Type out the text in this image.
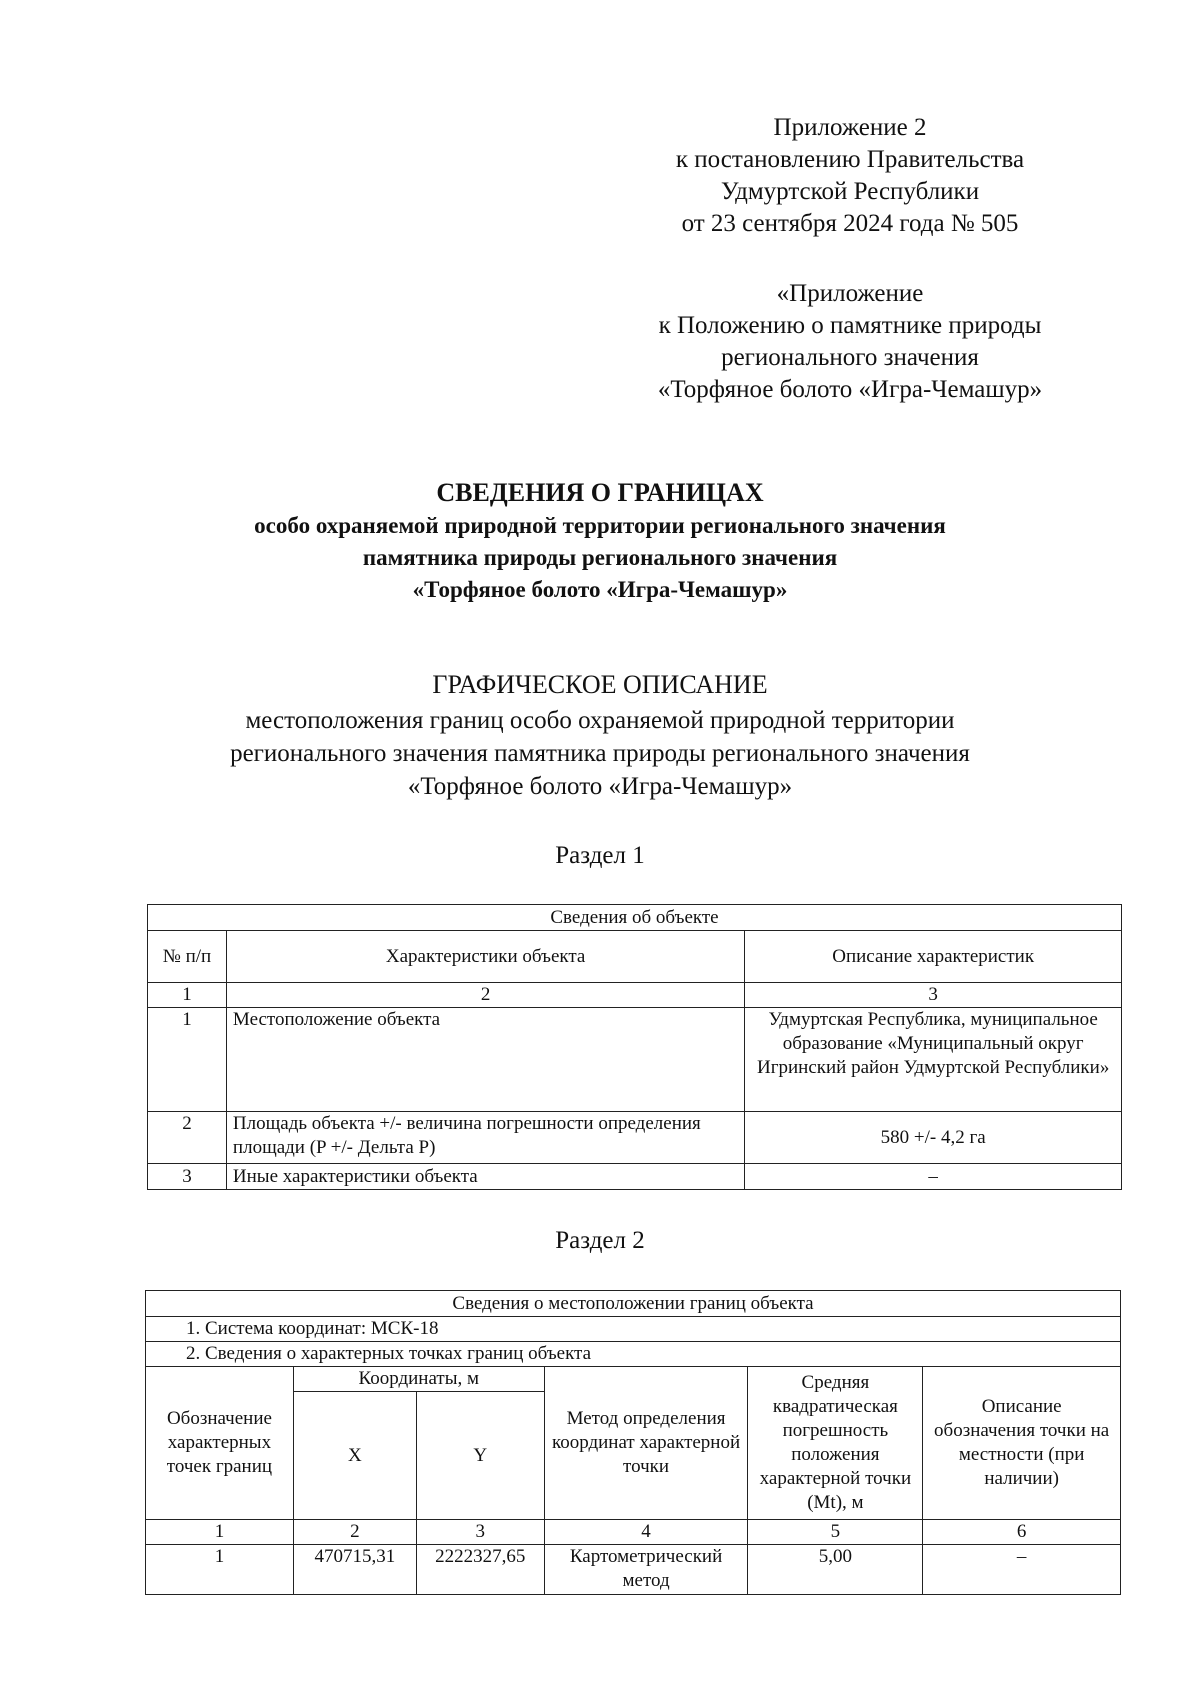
Приложение 2
к постановлению Правительства
Удмуртской Республики
от 23 сентября 2024 года № 505
«Приложение
к Положению о памятнике природы
регионального значения
«Торфяное болото «Игра-Чемашур»
СВЕДЕНИЯ О ГРАНИЦАХ
особо охраняемой природной территории регионального значения
памятника природы регионального значения
«Торфяное болото «Игра-Чемашур»
ГРАФИЧЕСКОЕ ОПИСАНИЕ
местоположения границ особо охраняемой природной территории
регионального значения памятника природы регионального значения
«Торфяное болото «Игра-Чемашур»
Раздел 1
Сведения об объекте		
№ п/п	Характеристики объекта	Описание характеристик
1	2	3
1	Местоположение объекта	Удмуртская Республика, муниципальное образование «Муниципальный округ Игринский район Удмуртской Республики»
2	Площадь объекта +/- величина погрешности определения площади (P +/- Дельта P)	580 +/- 4,2 га
3	Иные характеристики объекта	–
Раздел 2
Сведения о местоположении границ объекта					
1. Система координат: МСК-18					
2. Сведения о характерных точках границ объекта					
Обозначение характерных точек границ	Координаты, м		Метод определения координат характерной точки	Средняя квадратическая погрешность положения характерной точки (Mt), м	Описание обозначения точки на местности (при наличии)
	X	Y			
1	2	3	4	5	6
1	470715,31	2222327,65	Картометрический метод	5,00	–
